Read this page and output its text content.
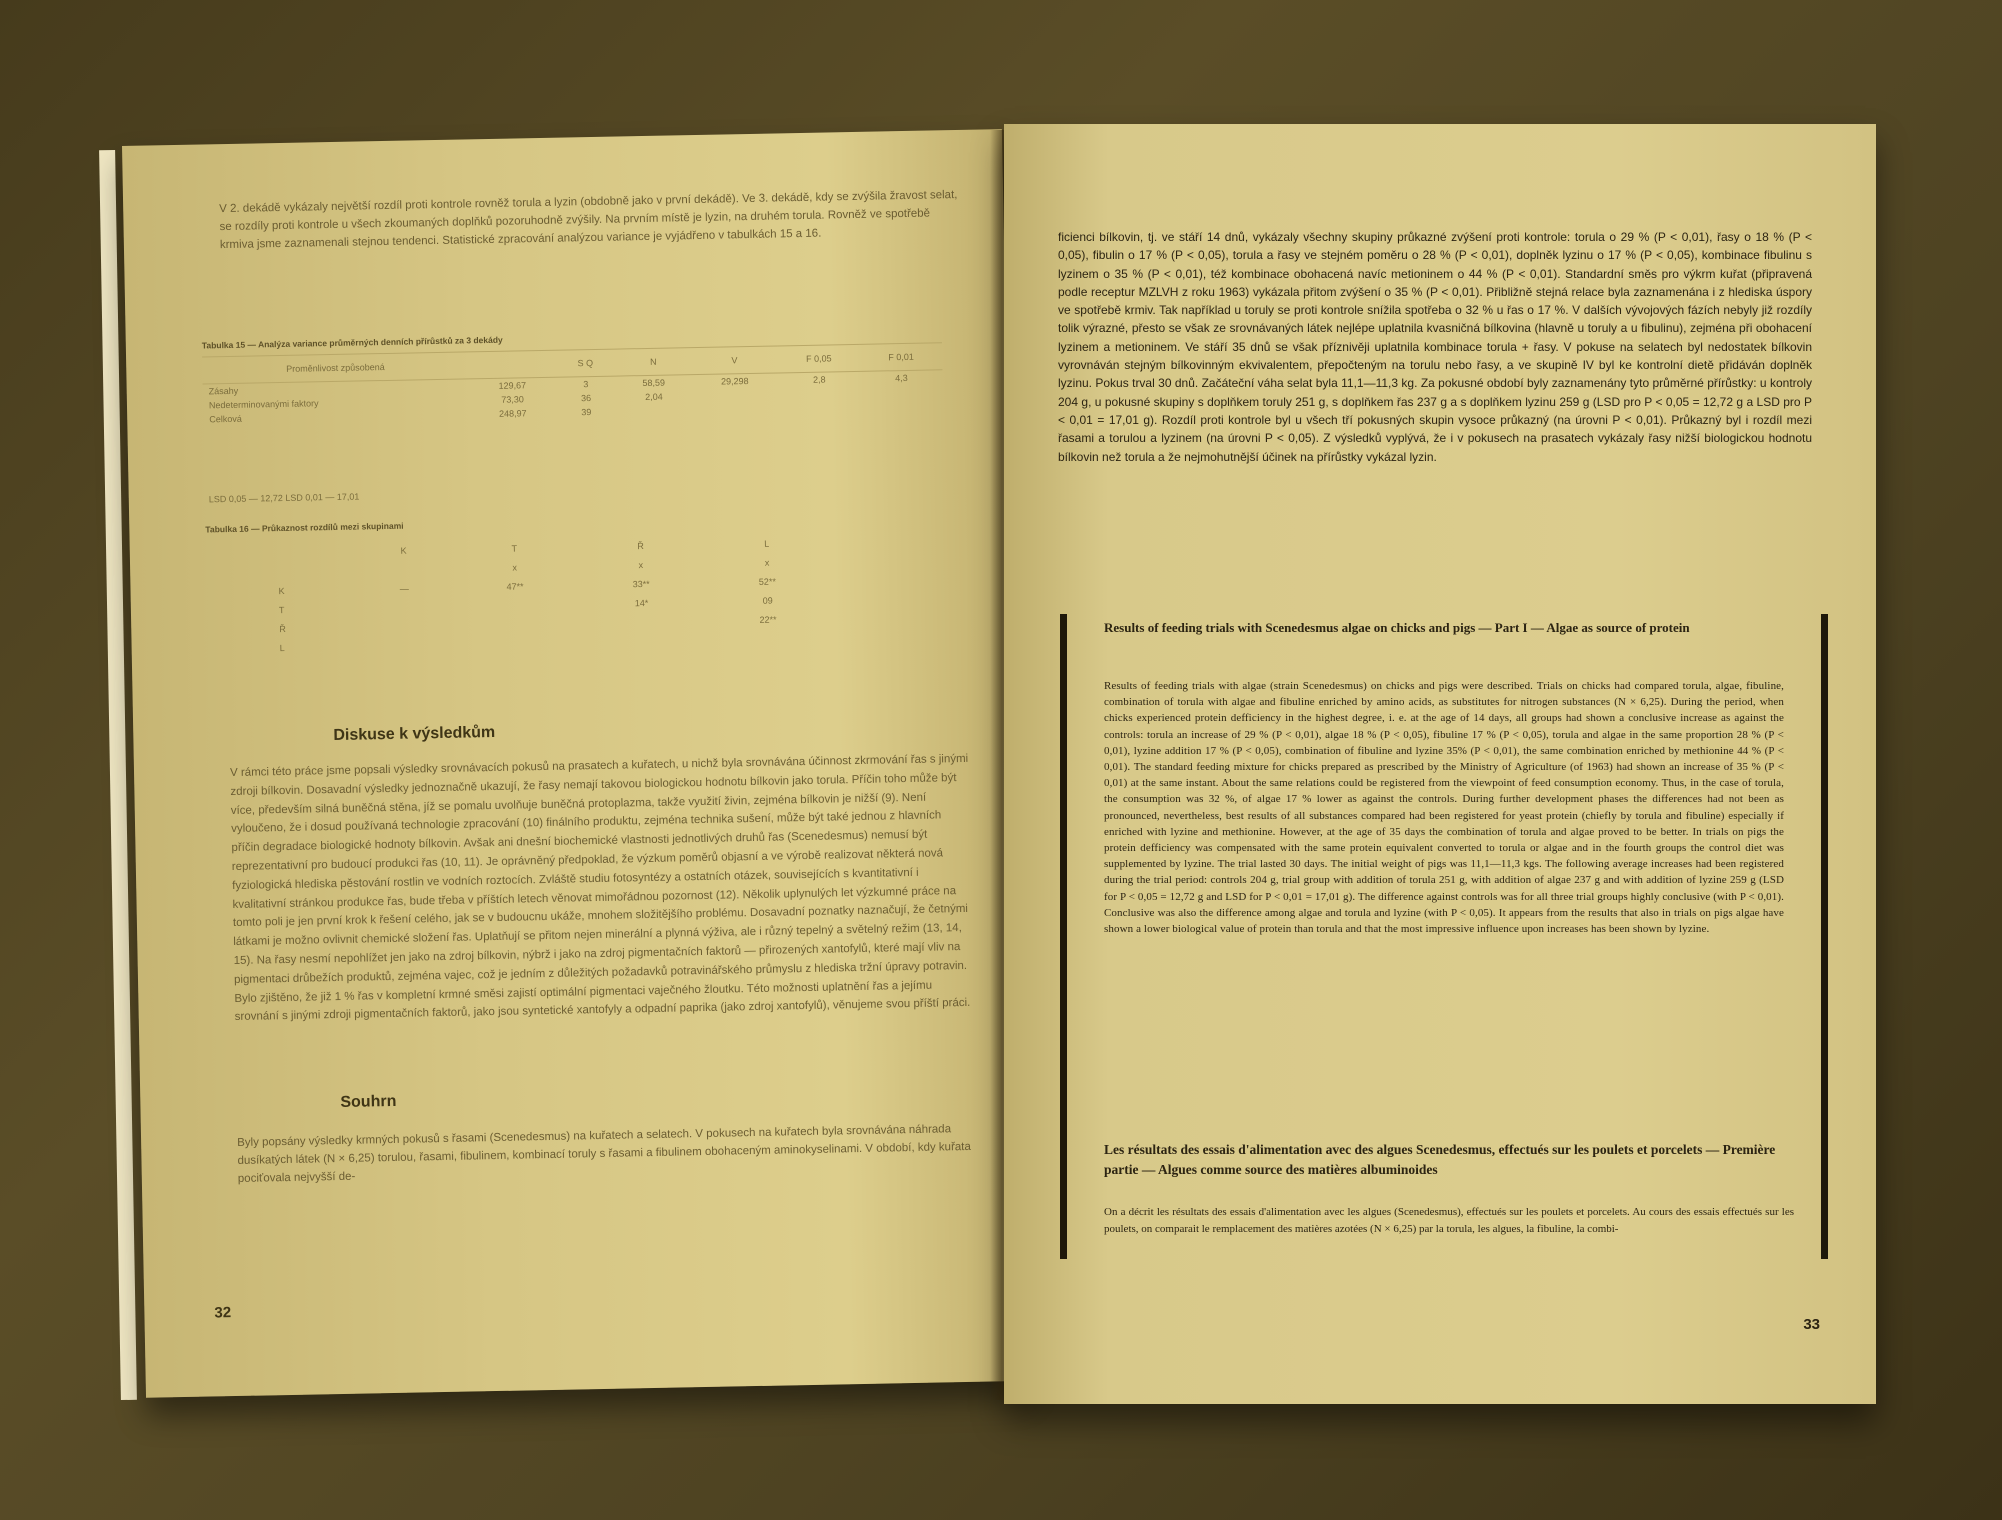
V 2. dekádě vykázaly největší rozdíl proti kontrole rovněž torula a lyzin (obdobně jako v první dekádě). Ve 3. dekádě, kdy se zvýšila žravost selat, se rozdíly proti kontrole u všech zkoumaných doplňků pozoruhodně zvýšily. Na prvním místě je lyzin, na druhém torula. Rovněž ve spotřebě krmiva jsme zaznamenali stejnou tendenci. Statistické zpracování analýzou variance je vyjádřeno v tabulkách 15 a 16.

Tabulka 15 — Analýza variance průměrných denních přírůstků za 3 dekády

Proměnlivost způsobená		S Q	N	V	F 0,05	F 0,01
Zásahy	129,67	3	58,59	29,298	2,8	4,3
Nedeterminovanými faktory	73,30	36	2,04			
Celková	248,97	39				

LSD 0,05 — 12,72 LSD 0,01 — 17,01

Tabulka 16 — Průkaznost rozdílů mezi skupinami

	K	T	Ř	L
		x	x	x
K	—	47**	33**	52**
T			14*	09
Ř				22**
L				
Diskuse k výsledkům

V rámci této práce jsme popsali výsledky srovnávacích pokusů na prasatech a kuřatech, u nichž byla srovnávána účinnost zkrmování řas s jinými zdroji bílkovin. Dosavadní výsledky jednoznačně ukazují, že řasy nemají takovou biologickou hodnotu bílkovin jako torula. Příčin toho může být více, především silná buněčná stěna, jíž se pomalu uvolňuje buněčná protoplazma, takže využití živin, zejména bílkovin je nižší (9). Není vyloučeno, že i dosud používaná technologie zpracování (10) finálního produktu, zejména technika sušení, může být také jednou z hlavních příčin degradace biologické hodnoty bílkovin. Avšak ani dnešní biochemické vlastnosti jednotlivých druhů řas (Scenedesmus) nemusí být reprezentativní pro budoucí produkci řas (10, 11). Je oprávněný předpoklad, že výzkum poměrů objasní a ve výrobě realizovat některá nová fyziologická hlediska pěstování rostlin ve vodních roztocích. Zvláště studiu fotosyntézy a ostatních otázek, souvisejících s kvantitativní i kvalitativní stránkou produkce řas, bude třeba v příštích letech věnovat mimořádnou pozornost (12). Několik uplynulých let výzkumné práce na tomto poli je jen první krok k řešení celého, jak se v budoucnu ukáže, mnohem složitějšího problému. Dosavadní poznatky naznačují, že četnými látkami je možno ovlivnit chemické složení řas. Uplatňují se přitom nejen minerální a plynná výživa, ale i různý tepelný a světelný režim (13, 14, 15). Na řasy nesmí nepohlížet jen jako na zdroj bílkovin, nýbrž i jako na zdroj pigmentačních faktorů — přirozených xantofylů, které mají vliv na pigmentaci drůbežích produktů, zejména vajec, což je jedním z důležitých požadavků potravinářského průmyslu z hlediska tržní úpravy potravin. Bylo zjištěno, že již 1 % řas v kompletní krmné směsi zajistí optimální pigmentaci vaječného žloutku. Této možnosti uplatnění řas a jejímu srovnání s jinými zdroji pigmentačních faktorů, jako jsou syntetické xantofyly a odpadní paprika (jako zdroj xantofylů), věnujeme svou příští práci.

Souhrn

Byly popsány výsledky krmných pokusů s řasami (Scenedesmus) na kuřatech a selatech. V pokusech na kuřatech byla srovnávána náhrada dusíkatých látek (N × 6,25) torulou, řasami, fibulinem, kombinací toruly s řasami a fibulinem obohaceným aminokyselinami. V období, kdy kuřata pociťovala nejvyšší de-

32

ficienci bílkovin, tj. ve stáří 14 dnů, vykázaly všechny skupiny průkazné zvýšení proti kontrole: torula o 29 % (P < 0,01), řasy o 18 % (P < 0,05), fibulin o 17 % (P < 0,05), torula a řasy ve stejném poměru o 28 % (P < 0,01), doplněk lyzinu o 17 % (P < 0,05), kombinace fibulinu s lyzinem o 35 % (P < 0,01), též kombinace obohacená navíc metioninem o 44 % (P < 0,01). Standardní směs pro výkrm kuřat (připravená podle receptur MZLVH z roku 1963) vykázala přitom zvýšení o 35 % (P < 0,01). Přibližně stejná relace byla zaznamenána i z hlediska úspory ve spotřebě krmiv. Tak například u toruly se proti kontrole snížila spotřeba o 32 % u řas o 17 %. V dalších vývojových fázích nebyly již rozdíly tolik výrazné, přesto se však ze srovnávaných látek nejlépe uplatnila kvasničná bílkovina (hlavně u toruly a u fibulinu), zejména při obohacení lyzinem a metioninem. Ve stáří 35 dnů se však příznivěji uplatnila kombinace torula + řasy. V pokuse na selatech byl nedostatek bílkovin vyrovnáván stejným bílkovinným ekvivalentem, přepočteným na torulu nebo řasy, a ve skupině IV byl ke kontrolní dietě přidáván doplněk lyzinu. Pokus trval 30 dnů. Začáteční váha selat byla 11,1—11,3 kg. Za pokusné období byly zaznamenány tyto průměrné přírůstky: u kontroly 204 g, u pokusné skupiny s doplňkem toruly 251 g, s doplňkem řas 237 g a s doplňkem lyzinu 259 g (LSD pro P < 0,05 = 12,72 g a LSD pro P < 0,01 = 17,01 g). Rozdíl proti kontrole byl u všech tří pokusných skupin vysoce průkazný (na úrovni P < 0,01). Průkazný byl i rozdíl mezi řasami a torulou a lyzinem (na úrovni P < 0,05). Z výsledků vyplývá, že i v pokusech na prasatech vykázaly řasy nižší biologickou hodnotu bílkovin než torula a že nejmohutnější účinek na přírůstky vykázal lyzin.

Results of feeding trials with Scenedesmus algae on chicks and pigs — Part I — Algae as source of protein

Results of feeding trials with algae (strain Scenedesmus) on chicks and pigs were described. Trials on chicks had compared torula, algae, fibuline, combination of torula with algae and fibuline enriched by amino acids, as substitutes for nitrogen substances (N × 6,25). During the period, when chicks experienced protein defficiency in the highest degree, i. e. at the age of 14 days, all groups had shown a conclusive increase as against the controls: torula an increase of 29 % (P < 0,01), algae 18 % (P < 0,05), fibuline 17 % (P < 0,05), torula and algae in the same proportion 28 % (P < 0,01), lyzine addition 17 % (P < 0,05), combination of fibuline and lyzine 35% (P < 0,01), the same combination enriched by methionine 44 % (P < 0,01). The standard feeding mixture for chicks prepared as prescribed by the Ministry of Agriculture (of 1963) had shown an increase of 35 % (P < 0,01) at the same instant. About the same relations could be registered from the viewpoint of feed consumption economy. Thus, in the case of torula, the consumption was 32 %, of algae 17 % lower as against the controls. During further development phases the differences had not been as pronounced, nevertheless, best results of all substances compared had been registered for yeast protein (chiefly by torula and fibuline) especially if enriched with lyzine and methionine. However, at the age of 35 days the combination of torula and algae proved to be better. In trials on pigs the protein defficiency was compensated with the same protein equivalent converted to torula or algae and in the fourth groups the control diet was supplemented by lyzine. The trial lasted 30 days. The initial weight of pigs was 11,1—11,3 kgs. The following average increases had been registered during the trial period: controls 204 g, trial group with addition of torula 251 g, with addition of algae 237 g and with addition of lyzine 259 g (LSD for P < 0,05 = 12,72 g and LSD for P < 0,01 = 17,01 g). The difference against controls was for all three trial groups highly conclusive (with P < 0,01). Conclusive was also the difference among algae and torula and lyzine (with P < 0,05). It appears from the results that also in trials on pigs algae have shown a lower biological value of protein than torula and that the most impressive influence upon increases has been shown by lyzine.

Les résultats des essais d'alimentation avec des algues Scenedesmus, effectués sur les poulets et porcelets — Première partie — Algues comme source des matières albuminoides

On a décrit les résultats des essais d'alimentation avec les algues (Scenedesmus), effectués sur les poulets et porcelets. Au cours des essais effectués sur les poulets, on comparait le remplacement des matières azotées (N × 6,25) par la torula, les algues, la fibuline, la combi-

33
